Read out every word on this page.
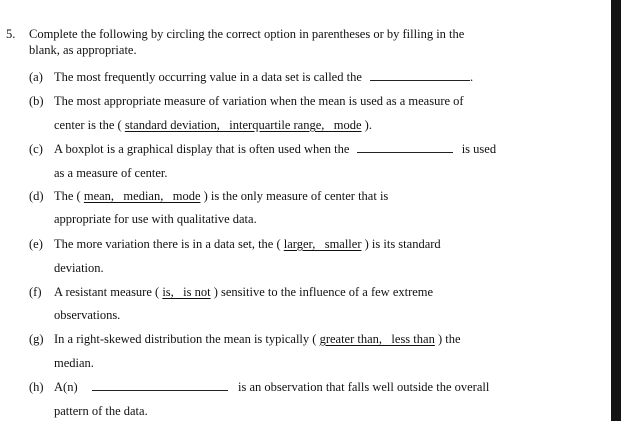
5. Complete the following by circling the correct option in parentheses or by filling in the
blank, as appropriate.
(a) The most frequently occurring value in a data set is called the	.
(b) The most appropriate measure of variation when the mean is used as a measure of
center is the ( standard deviation,   interquartile range,   mode ).
(c) A boxplot is a graphical display that is often used when the	is used
as a measure of center.
(d) The ( mean,   median,   mode ) is the only measure of center that is
appropriate for use with qualitative data.
(e) The more variation there is in a data set, the ( larger,   smaller ) is its standard
deviation.
(f) A resistant measure ( is,   is not ) sensitive to the influence of a few extreme
observations.
(g) In a right-skewed distribution the mean is typically ( greater than,   less than ) the
median.
(h) A(n)	is an observation that falls well outside the overall
pattern of the data.
